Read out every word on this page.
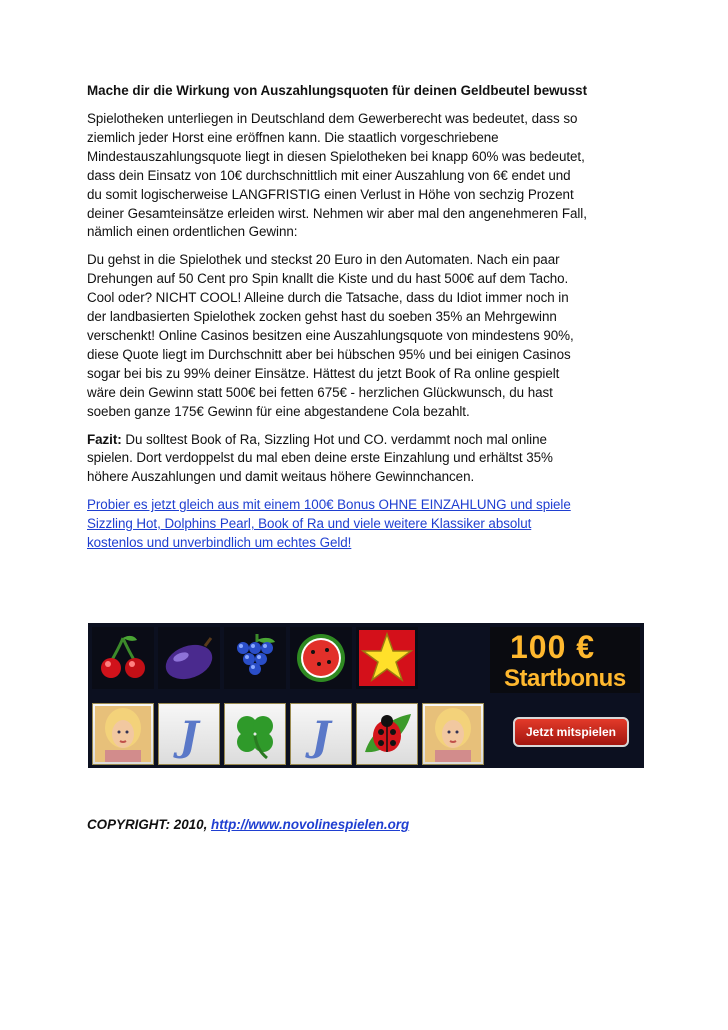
Mache dir die Wirkung von Auszahlungsquoten für deinen Geldbeutel bewusst

Spielotheken unterliegen in Deutschland dem Gewerberecht was bedeutet, dass so
ziemlich jeder Horst eine eröffnen kann. Die staatlich vorgeschriebene
Mindestauszahlungsquote liegt in diesen Spielotheken bei knapp 60% was bedeutet,
dass dein Einsatz von 10€ durchschnittlich mit einer Auszahlung von 6€ endet und
du somit logischerweise LANGFRISTIG einen Verlust in Höhe von sechzig Prozent
deiner Gesamteinsätze erleiden wirst. Nehmen wir aber mal den angenehmeren Fall,
nämlich einen ordentlichen Gewinn:

Du gehst in die Spielothek und steckst 20 Euro in den Automaten. Nach ein paar
Drehungen auf 50 Cent pro Spin knallt die Kiste und du hast 500€ auf dem Tacho.
Cool oder? NICHT COOL! Alleine durch die Tatsache, dass du Idiot immer noch in
der landbasierten Spielothek zocken gehst hast du soeben 35% an Mehrgewinn
verschenkt! Online Casinos besitzen eine Auszahlungsquote von mindestens 90%,
diese Quote liegt im Durchschnitt aber bei hübschen 95% und bei einigen Casinos
sogar bei bis zu 99% deiner Einsätze. Hättest du jetzt Book of Ra online gespielt
wäre dein Gewinn statt 500€ bei fetten 675€ - herzlichen Glückwunsch, du hast
soeben ganze 175€ Gewinn für eine abgestandene Cola bezahlt.

Fazit: Du solltest Book of Ra, Sizzling Hot und CO. verdammt noch mal online
spielen. Dort verdoppelst du mal eben deine erste Einzahlung und erhältst 35%
höhere Auszahlungen und damit weitaus höhere Gewinnchancen.

Probier es jetzt gleich aus mit einem 100€ Bonus OHNE EINZAHLUNG und spiele
Sizzling Hot, Dolphins Pearl, Book of Ra und viele weitere Klassiker absolut
kostenlos und unverbindlich um echtes Geld!

100 €
Startbonus
J	J	Jetzt mitspielen
COPYRIGHT: 2010, http://www.novolinespielen.org
